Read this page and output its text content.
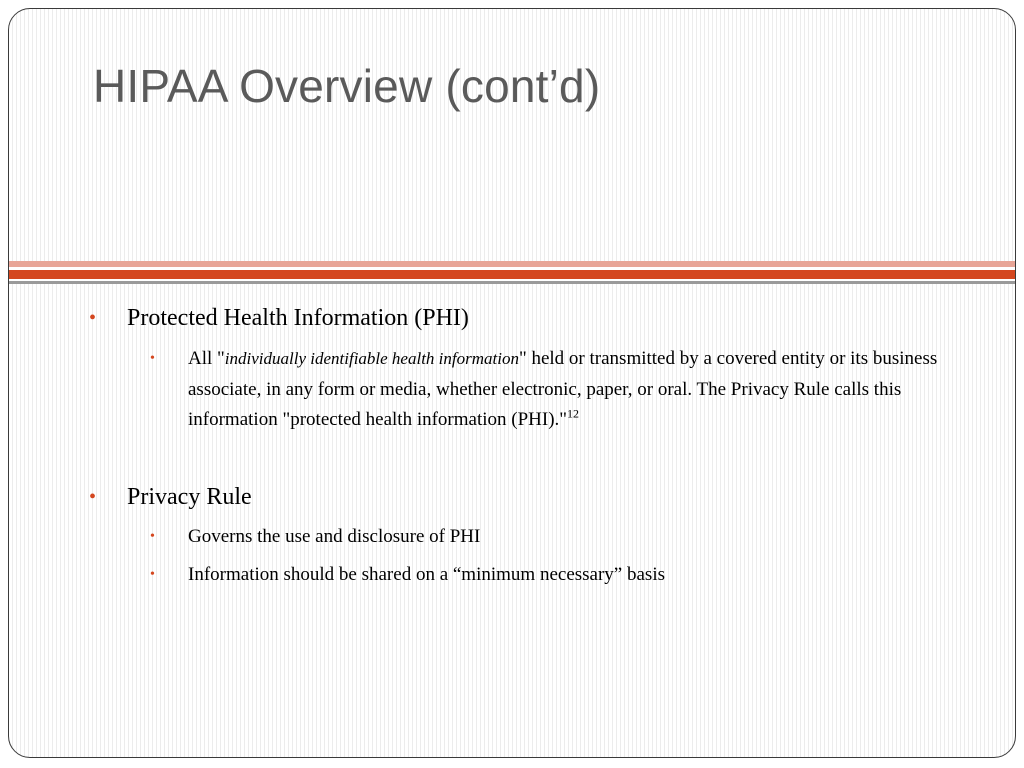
HIPAA Overview (cont’d)
• Protected Health Information (PHI)
• All "individually identifiable health information" held or transmitted by a covered entity or its business associate, in any form or media, whether electronic, paper, or oral. The Privacy Rule calls this information "protected health information (PHI)."$^{12}$
• Privacy Rule
• Governs the use and disclosure of PHI
• Information should be shared on a “minimum necessary” basis
